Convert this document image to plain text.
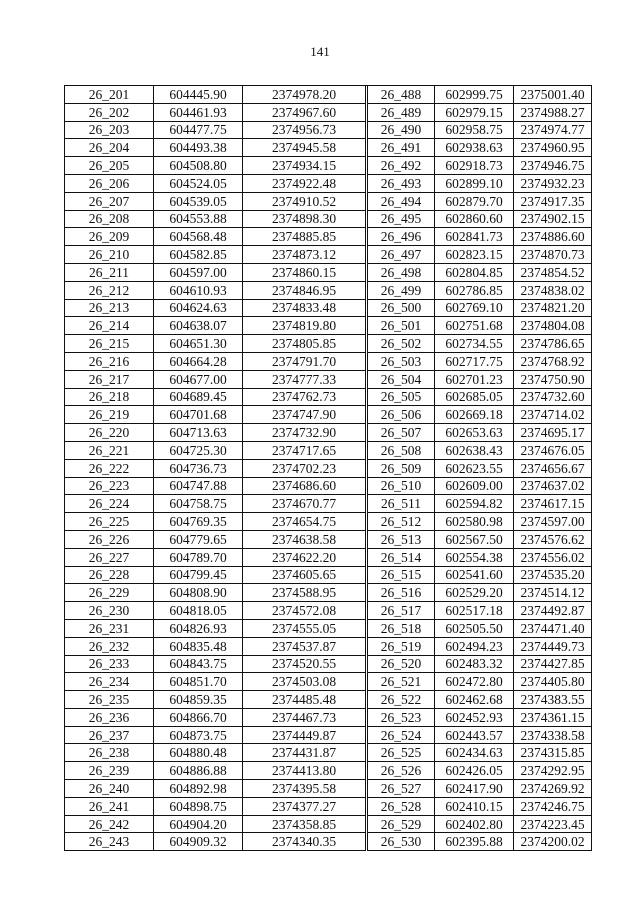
141
26_201	604445.90	2374978.20		26_488	602999.75	2375001.40
26_202	604461.93	2374967.60		26_489	602979.15	2374988.27
26_203	604477.75	2374956.73		26_490	602958.75	2374974.77
26_204	604493.38	2374945.58		26_491	602938.63	2374960.95
26_205	604508.80	2374934.15		26_492	602918.73	2374946.75
26_206	604524.05	2374922.48		26_493	602899.10	2374932.23
26_207	604539.05	2374910.52		26_494	602879.70	2374917.35
26_208	604553.88	2374898.30		26_495	602860.60	2374902.15
26_209	604568.48	2374885.85		26_496	602841.73	2374886.60
26_210	604582.85	2374873.12		26_497	602823.15	2374870.73
26_211	604597.00	2374860.15		26_498	602804.85	2374854.52
26_212	604610.93	2374846.95		26_499	602786.85	2374838.02
26_213	604624.63	2374833.48		26_500	602769.10	2374821.20
26_214	604638.07	2374819.80		26_501	602751.68	2374804.08
26_215	604651.30	2374805.85		26_502	602734.55	2374786.65
26_216	604664.28	2374791.70		26_503	602717.75	2374768.92
26_217	604677.00	2374777.33		26_504	602701.23	2374750.90
26_218	604689.45	2374762.73		26_505	602685.05	2374732.60
26_219	604701.68	2374747.90		26_506	602669.18	2374714.02
26_220	604713.63	2374732.90		26_507	602653.63	2374695.17
26_221	604725.30	2374717.65		26_508	602638.43	2374676.05
26_222	604736.73	2374702.23		26_509	602623.55	2374656.67
26_223	604747.88	2374686.60		26_510	602609.00	2374637.02
26_224	604758.75	2374670.77		26_511	602594.82	2374617.15
26_225	604769.35	2374654.75		26_512	602580.98	2374597.00
26_226	604779.65	2374638.58		26_513	602567.50	2374576.62
26_227	604789.70	2374622.20		26_514	602554.38	2374556.02
26_228	604799.45	2374605.65		26_515	602541.60	2374535.20
26_229	604808.90	2374588.95		26_516	602529.20	2374514.12
26_230	604818.05	2374572.08		26_517	602517.18	2374492.87
26_231	604826.93	2374555.05		26_518	602505.50	2374471.40
26_232	604835.48	2374537.87		26_519	602494.23	2374449.73
26_233	604843.75	2374520.55		26_520	602483.32	2374427.85
26_234	604851.70	2374503.08		26_521	602472.80	2374405.80
26_235	604859.35	2374485.48		26_522	602462.68	2374383.55
26_236	604866.70	2374467.73		26_523	602452.93	2374361.15
26_237	604873.75	2374449.87		26_524	602443.57	2374338.58
26_238	604880.48	2374431.87		26_525	602434.63	2374315.85
26_239	604886.88	2374413.80		26_526	602426.05	2374292.95
26_240	604892.98	2374395.58		26_527	602417.90	2374269.92
26_241	604898.75	2374377.27		26_528	602410.15	2374246.75
26_242	604904.20	2374358.85		26_529	602402.80	2374223.45
26_243	604909.32	2374340.35		26_530	602395.88	2374200.02
